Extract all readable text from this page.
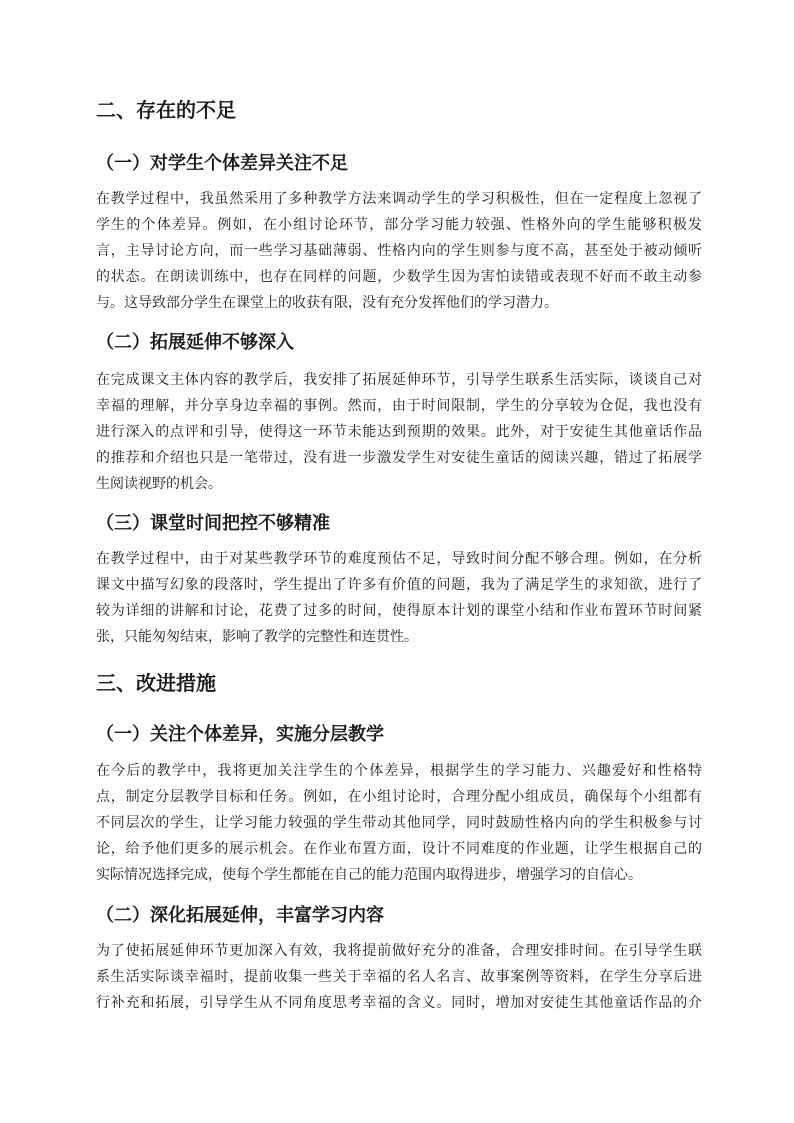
二、存在的不足
（一）对学生个体差异关注不足
在教学过程中，我虽然采用了多种教学方法来调动学生的学习积极性，但在一定程度上忽视了
学生的个体差异。例如，在小组讨论环节，部分学习能力较强、性格外向的学生能够积极发
言，主导讨论方向，而一些学习基础薄弱、性格内向的学生则参与度不高，甚至处于被动倾听
的状态。在朗读训练中，也存在同样的问题，少数学生因为害怕读错或表现不好而不敢主动参
与。这导致部分学生在课堂上的收获有限，没有充分发挥他们的学习潜力。
（二）拓展延伸不够深入
在完成课文主体内容的教学后，我安排了拓展延伸环节，引导学生联系生活实际，谈谈自己对
幸福的理解，并分享身边幸福的事例。然而，由于时间限制，学生的分享较为仓促，我也没有
进行深入的点评和引导，使得这一环节未能达到预期的效果。此外，对于安徒生其他童话作品
的推荐和介绍也只是一笔带过，没有进一步激发学生对安徒生童话的阅读兴趣，错过了拓展学
生阅读视野的机会。
（三）课堂时间把控不够精准
在教学过程中，由于对某些教学环节的难度预估不足，导致时间分配不够合理。例如，在分析
课文中描写幻象的段落时，学生提出了许多有价值的问题，我为了满足学生的求知欲，进行了
较为详细的讲解和讨论，花费了过多的时间，使得原本计划的课堂小结和作业布置环节时间紧
张，只能匆匆结束，影响了教学的完整性和连贯性。
三、改进措施
（一）关注个体差异，实施分层教学
在今后的教学中，我将更加关注学生的个体差异，根据学生的学习能力、兴趣爱好和性格特
点，制定分层教学目标和任务。例如，在小组讨论时，合理分配小组成员，确保每个小组都有
不同层次的学生，让学习能力较强的学生带动其他同学，同时鼓励性格内向的学生积极参与讨
论，给予他们更多的展示机会。在作业布置方面，设计不同难度的作业题，让学生根据自己的
实际情况选择完成，使每个学生都能在自己的能力范围内取得进步，增强学习的自信心。
（二）深化拓展延伸，丰富学习内容
为了使拓展延伸环节更加深入有效，我将提前做好充分的准备，合理安排时间。在引导学生联
系生活实际谈幸福时，提前收集一些关于幸福的名人名言、故事案例等资料，在学生分享后进
行补充和拓展，引导学生从不同角度思考幸福的含义。同时，增加对安徒生其他童话作品的介
